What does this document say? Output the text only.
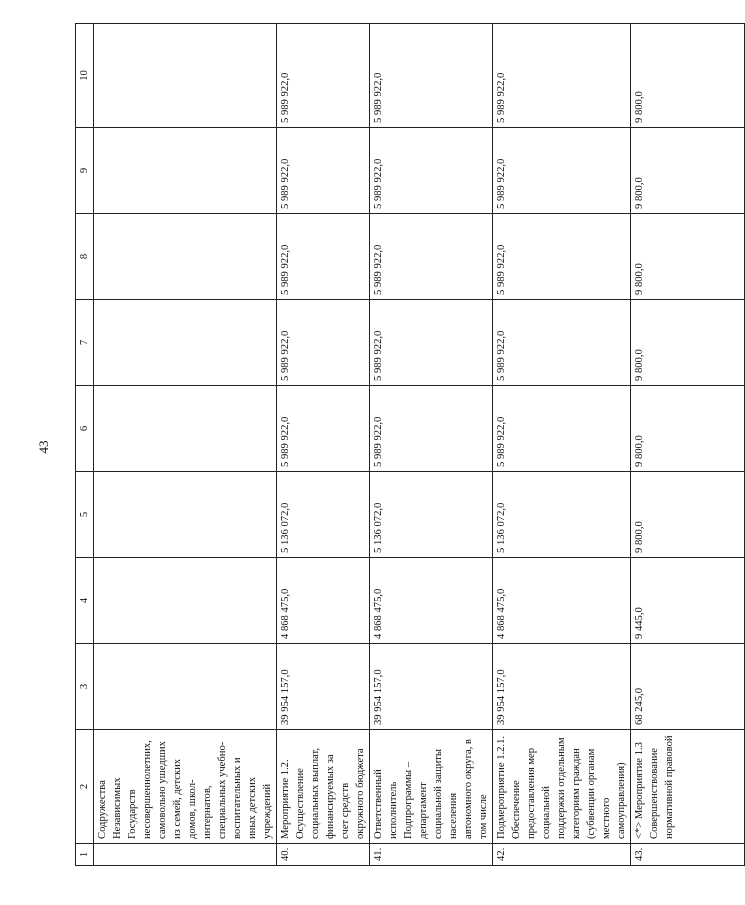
43
1	2	3	4	5	6	7	8	9	10
	Содружества Независимых Государств несовершеннолетних, самовольно ушедших из семей, детских домов, школ-интернатов, специальных учебно-воспитательных и иных детских учреждений								
40.	Мероприятие 1.2. Осуществление социальных выплат, финансируемых за счет средств окружного бюджета	39 954 157,0	4 868 475,0	5 136 072,0	5 989 922,0	5 989 922,0	5 989 922,0	5 989 922,0	5 989 922,0
41.	Ответственный исполнитель Подпрограммы – департамент социальной защиты населения автономного округа, в том числе	39 954 157,0	4 868 475,0	5 136 072,0	5 989 922,0	5 989 922,0	5 989 922,0	5 989 922,0	5 989 922,0
42.	Подмероприятие 1.2.1. Обеспечение предоставления мер социальной поддержки отдельным категориям граждан (субвенции органам местного самоуправления)	39 954 157,0	4 868 475,0	5 136 072,0	5 989 922,0	5 989 922,0	5 989 922,0	5 989 922,0	5 989 922,0
43.	<*> Мероприятие 1.3 Совершенствование нормативной правовой	68 245,0	9 445,0	9 800,0	9 800,0	9 800,0	9 800,0	9 800,0	9 800,0
